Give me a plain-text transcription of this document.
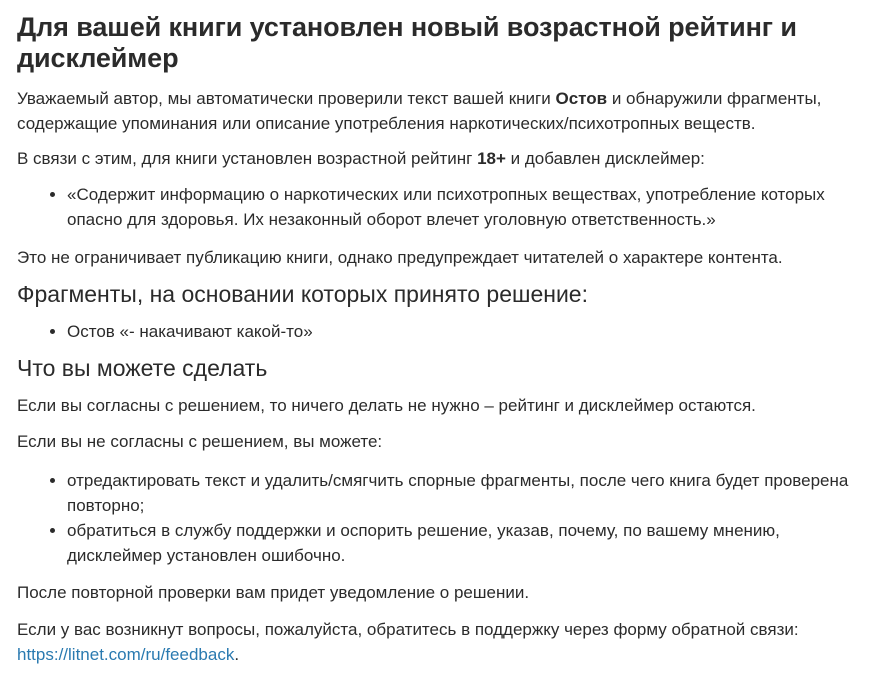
Для вашей книги установлен новый возрастной рейтинг и дисклеймер

Уважаемый автор, мы автоматически проверили текст вашей книги Остов и обнаружили фрагменты, содержащие упоминания или описание употребления наркотических/психотропных веществ.

В связи с этим, для книги установлен возрастной рейтинг 18+ и добавлен дисклеймер:

• «Содержит информацию о наркотических или психотропных веществах, употребление которых опасно для здоровья. Их незаконный оборот влечет уголовную ответственность.»

Это не ограничивает публикацию книги, однако предупреждает читателей о характере контента.

Фрагменты, на основании которых принято решение:
• Остов «- накачивают какой-то»
Что вы можете сделать

Если вы согласны с решением, то ничего делать не нужно – рейтинг и дисклеймер остаются.

Если вы не согласны с решением, вы можете:

• отредактировать текст и удалить/смягчить спорные фрагменты, после чего книга будет проверена повторно;
• обратиться в службу поддержки и оспорить решение, указав, почему, по вашему мнению, дисклеймер установлен ошибочно.

После повторной проверки вам придет уведомление о решении.

Если у вас возникнут вопросы, пожалуйста, обратитесь в поддержку через форму обратной связи: https://litnet.com/ru/feedback.
